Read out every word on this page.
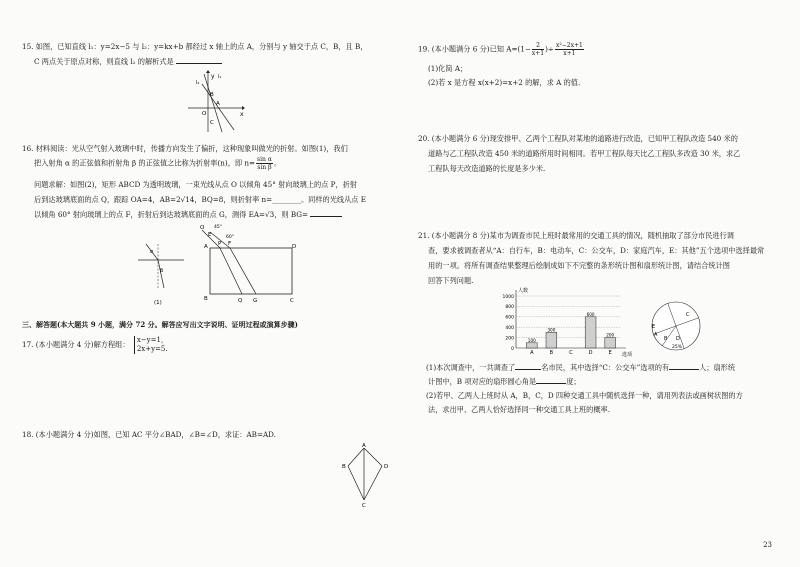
15. 如图，已知直线 l₁：y=2x−5 与 l₂：y=kx+b 都经过 x 轴上的点 A，分别与 y 轴交于点 C，B，且 B，
C 两点关于原点对称，则直线 l₂ 的解析式是
y
x
O
A
B
C
l₂
l₁
16. 材料阅读：光从空气射入玻璃中时，传播方向发生了偏折，这种现象叫做光的折射。如图(1)，我们
把入射角 α 的正弦值和折射角 β 的正弦值之比称为折射率(n)，即 $n= \frac{\text{sin α}}{\text{sin β}}$ 。
问题求解：如图(2)，矩形 ABCD 为透明玻璃，一束光线从点 O 以倾角 45° 射向玻璃上的点 P，折射
后到达玻璃底面的点 Q，跟踪 OA=4，AB=2√14，BQ=8，则折射率 n=________。同样的光线从点 E
以倾角 60° 射向玻璃上的点 F，折射后到达玻璃底面的点 G，测得 EA=√3，则 BG=
α
β
(1)
O
E
45°
60°
A P F	D
B	Q G	C
三、解答题(本大题共 9 小题，满分 72 分。解答应写出文字说明、证明过程或演算步骤)
17. (本小题满分 4 分)解方程组： x−y=1，
2x+y=5.
18. (本小题满分 4 分)如图，已知 AC 平分∠BAD，∠B=∠D，求证：AB=AD.
A
B	D
C
19. (本小题满分 6 分)已知 $A=(1- \frac{2}{x+1}$ )÷ $\frac{\text{x²−2x+1}}{x+1}$
(1)化简 A；
(2)若 x 是方程 x(x+2)=x+2 的解，求 A 的值.
20. (本小题满分 6 分)现安排甲、乙两个工程队对某地的道路进行改造，已知甲工程队改造 540 米的
道路与乙工程队改造 450 米的道路所用时间相同。若甲工程队每天比乙工程队多改造 30 米，求乙
工程队每天改造道路的长度是多少米.
21. (本小题满分 8 分)某市为调查市民上班时最常用的交通工具的情况，随机抽取了部分市民进行调
查，要求被调查者从“A：自行车，B：电动车，C：公交车，D：家庭汽车，E：其他”五个选项中选择最常
用的一项。将所有调查结果整理后绘制成如下不完整的条形统计图和扇形统计图，请结合统计图
回答下列问题.
0
200
400
600
800
1000
人数
选项
100
A
300
B	C
600
D
200
E
A
B
C
D
E
25%
(1)本次调查中，一共调查了	名市民，其中选择“C：公交车”选项的有	人；扇形统
计图中，B 项对应的扇形圆心角是	度；
(2)若甲、乙两人上班时从 A，B，C，D 四种交通工具中随机选择一种，请用列表法或画树状图的方
法，求出甲、乙两人恰好选择同一种交通工具上班的概率.
23
